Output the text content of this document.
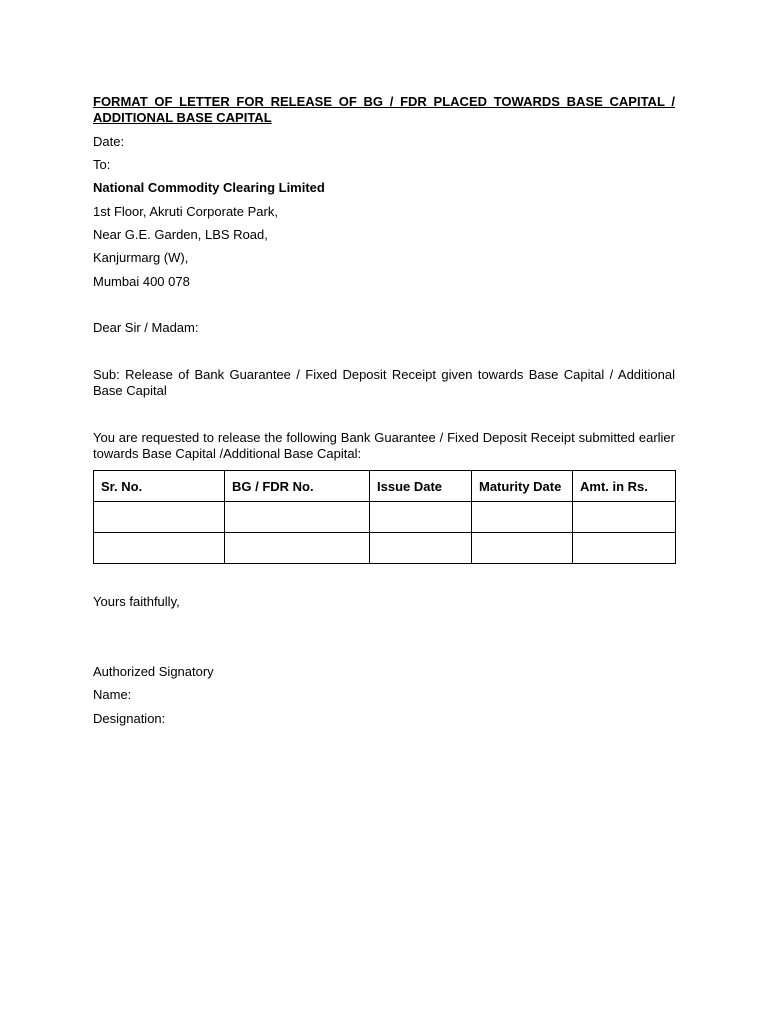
FORMAT OF LETTER FOR RELEASE OF BG / FDR PLACED TOWARDS BASE CAPITAL / ADDITIONAL BASE CAPITAL

Date:

To:

National Commodity Clearing Limited

1st Floor, Akruti Corporate Park,

Near G.E. Garden, LBS Road,

Kanjurmarg (W),

Mumbai 400 078

Dear Sir / Madam:

Sub: Release of Bank Guarantee / Fixed Deposit Receipt given towards Base Capital / Additional Base Capital

You are requested to release the following Bank Guarantee / Fixed Deposit Receipt submitted earlier towards Base Capital /Additional Base Capital:

Sr. No.	BG / FDR No.	Issue Date	Maturity Date	Amt. in Rs.

Yours faithfully,

Authorized Signatory

Name:

Designation:
